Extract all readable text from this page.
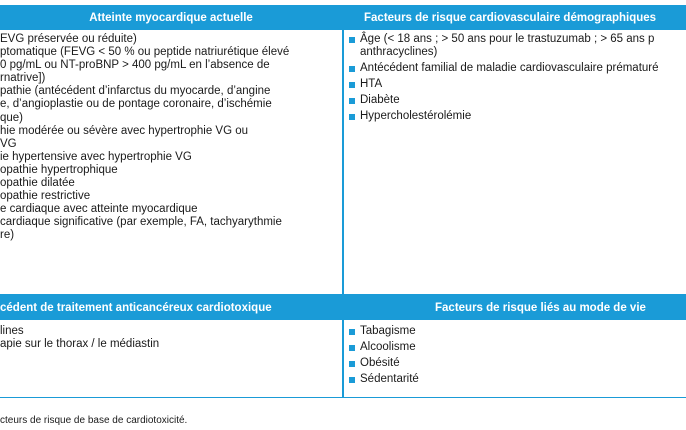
Atteinte myocardique actuelle	Facteurs de risque cardiovasculaire démographiques
EVG préservée ou réduite)
ptomatique (FEVG < 50 % ou peptide natriurétique élevé
0 pg/mL ou NT-proBNP > 400 pg/mL en l’absence de
rnatrive])
pathie (antécédent d’infarctus du myocarde, d’angine
e, d’angioplastie ou de pontage coronaire, d’ischémie
que)
hie modérée ou sévère avec hypertrophie VG ou
VG
ie hypertensive avec hypertrophie VG
opathie hypertrophique
opathie dilatée
opathie restrictive
e cardiaque avec atteinte myocardique
cardiaque significative (par exemple, FA, tachyarythmie
re)
Âge (< 18 ans ; > 50 ans pour le trastuzumab ; > 65 ans p
anthracyclines)
Antécédent familial de maladie cardiovasculaire prématuré
HTA
Diabète
Hypercholestérolémie
cédent de traitement anticancéreux cardiotoxique	Facteurs de risque liés au mode de vie
lines
apie sur le thorax / le médiastin
Tabagisme
Alcoolisme
Obésité
Sédentarité
cteurs de risque de base de cardiotoxicité.
